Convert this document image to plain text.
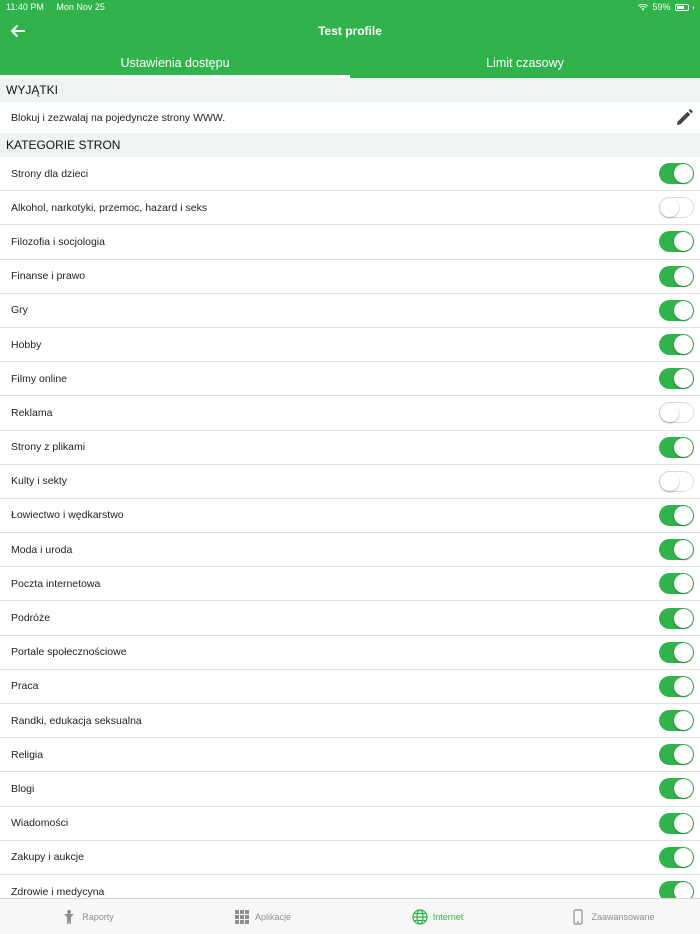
11:40 PM Mon Nov 25	59%
Test profile
Ustawienia dostępu	Limit czasowy
WYJĄTKI
Blokuj i zezwalaj na pojedyncze strony WWW.
KATEGORIE STRON
Strony dla dzieci
Alkohol, narkotyki, przemoc, hazard i seks
Filozofia i socjologia
Finanse i prawo
Gry
Hobby
Filmy online
Reklama
Strony z plikami
Kulty i sekty
Łowiectwo i wędkarstwo
Moda i uroda
Poczta internetowa
Podróże
Portale społecznościowe
Praca
Randki, edukacja seksualna
Religia
Blogi
Wiadomości
Zakupy i aukcje
Zdrowie i medycyna
Raporty	Aplikacje	Internet	Zaawansowane
